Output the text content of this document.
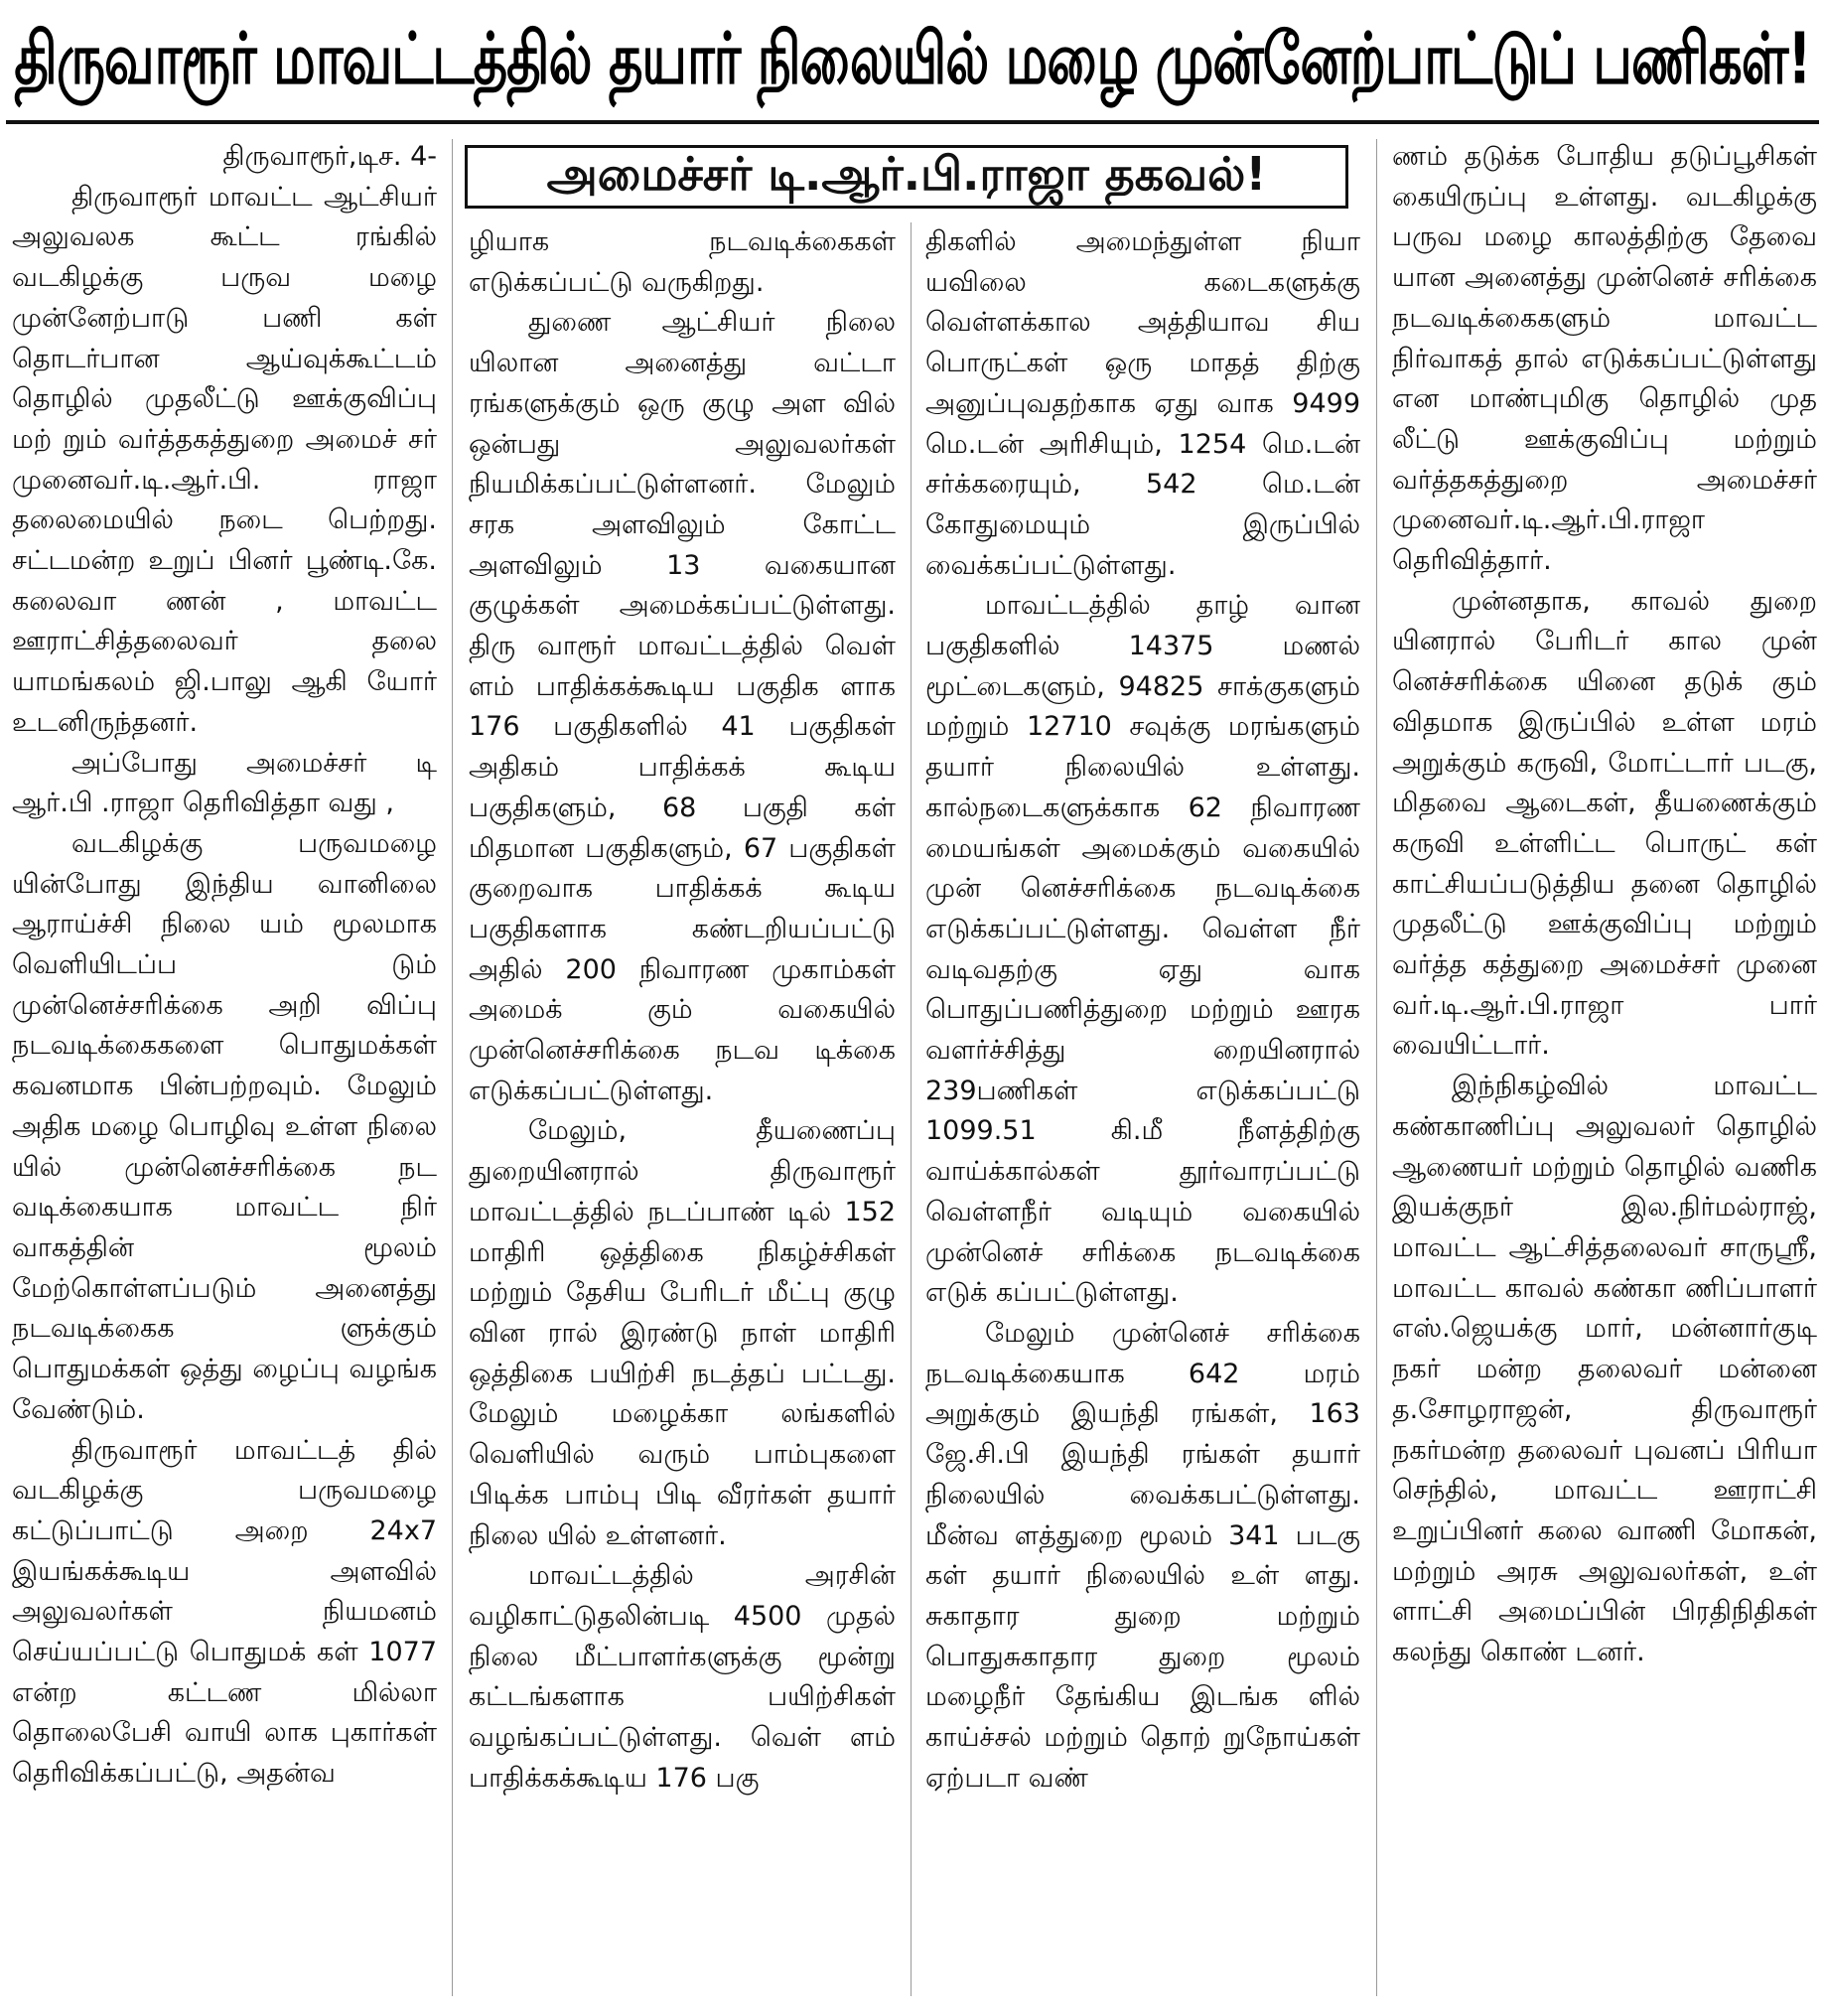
திருவாரூர் மாவட்டத்தில் தயார் நிலையில் மழை முன்னேற்பாட்டுப் பணிகள்!
அமைச்சர் டி.ஆர்.பி.ராஜா தகவல்!

திருவாரூர்,டிச. 4-

திருவாரூர் மாவட்ட ஆட்சியர் அலுவலக கூட்ட ரங்கில் வடகிழக்கு பருவ மழை முன்னேற்பாடு பணி கள் தொடர்பான ஆய்வுக்கூட்டம் தொழில் முதலீட்டு ஊக்குவிப்பு மற் றும் வர்த்தகத்துறை அமைச் சர் முனைவர்.டி.ஆர்.பி. ராஜா தலைமையில் நடை பெற்றது. சட்டமன்ற உறுப் பினர் பூண்டி.கே. கலைவா ணன் , மாவட்ட ஊராட்சித்தலைவர் தலை யாமங்கலம் ஜி.பாலு ஆகி யோர் உடனிருந்தனர்.

அப்போது அமைச்சர் டி ஆர்.பி .ராஜா தெரிவித்தா வது ,

வடகிழக்கு பருவமழை யின்போது இந்திய வானிலை ஆராய்ச்சி நிலை யம் மூலமாக வெளியிடப்ப டும் முன்னெச்சரிக்கை அறி விப்பு நடவடிக்கைகளை பொதுமக்கள் கவனமாக பின்பற்றவும். மேலும் அதிக மழை பொழிவு உள்ள நிலை யில் முன்னெச்சரிக்கை நட வடிக்கையாக மாவட்ட நிர் வாகத்தின் மூலம் மேற்கொள்ளப்படும் அனைத்து நடவடிக்கைக ளுக்கும் பொதுமக்கள் ஒத்து ழைப்பு வழங்க வேண்டும்.

திருவாரூர் மாவட்டத் தில் வடகிழக்கு பருவமழை கட்டுப்பாட்டு அறை 24x7 இயங்கக்கூடிய அளவில் அலுவலர்கள் நியமனம் செய்யப்பட்டு பொதுமக் கள் 1077 என்ற கட்டண மில்லா தொலைபேசி வாயி லாக புகார்கள் தெரிவிக்கப்பட்டு, அதன்வ

ழியாக நடவடிக்கைகள் எடுக்கப்பட்டு வருகிறது.

துணை ஆட்சியர் நிலை யிலான அனைத்து வட்டா ரங்களுக்கும் ஒரு குழு அள வில் ஒன்பது அலுவலர்கள் நியமிக்கப்பட்டுள்ளனர். மேலும் சரக அளவிலும் கோட்ட அளவிலும் 13 வகையான குழுக்கள் அமைக்கப்பட்டுள்ளது. திரு வாரூர் மாவட்டத்தில் வெள் ளம் பாதிக்கக்கூடிய பகுதிக ளாக 176 பகுதிகளில் 41 பகுதிகள் அதிகம் பாதிக்கக் கூடிய பகுதிகளும், 68 பகுதி கள் மிதமான பகுதிகளும், 67 பகுதிகள் குறைவாக பாதிக்கக் கூடிய பகுதிகளாக கண்டறியப்பட்டு அதில் 200 நிவாரண முகாம்கள் அமைக் கும் வகையில் முன்னெச்சரிக்கை நடவ டிக்கை எடுக்கப்பட்டுள்ளது.

மேலும், தீயணைப்பு துறையினரால் திருவாரூர் மாவட்டத்தில் நடப்பாண் டில் 152 மாதிரி ஒத்திகை நிகழ்ச்சிகள் மற்றும் தேசிய பேரிடர் மீட்பு குழு வின ரால் இரண்டு நாள் மாதிரி ஒத்திகை பயிற்சி நடத்தப் பட்டது. மேலும் மழைக்கா லங்களில் வெளியில் வரும் பாம்புகளை பிடிக்க பாம்பு பிடி வீரர்கள் தயார் நிலை யில் உள்ளனர்.

மாவட்டத்தில் அரசின் வழிகாட்டுதலின்படி 4500 முதல் நிலை மீட்பாளர்களுக்கு மூன்று கட்டங்களாக பயிற்சிகள் வழங்கப்பட்டுள்ளது. வெள் ளம் பாதிக்கக்கூடிய 176 பகு

திகளில் அமைந்துள்ள நியா யவிலை கடைகளுக்கு வெள்ளக்கால அத்தியாவ சிய பொருட்கள் ஒரு மாதத் திற்கு அனுப்புவதற்காக ஏது வாக 9499 மெ.டன் அரிசியும், 1254 மெ.டன் சர்க்கரையும், 542 மெ.டன் கோதுமையும் இருப்பில் வைக்கப்பட்டுள்ளது.

மாவட்டத்தில் தாழ் வான பகுதிகளில் 14375 மணல் மூட்டைகளும், 94825 சாக்குகளும் மற்றும் 12710 சவுக்கு மரங்களும் தயார் நிலையில் உள்ளது. கால்நடைகளுக்காக 62 நிவாரண மையங்கள் அமைக்கும் வகையில் முன் னெச்சரிக்கை நடவடிக்கை எடுக்கப்பட்டுள்ளது. வெள்ள நீர் வடிவதற்கு ஏது வாக பொதுப்பணித்துறை மற்றும் ஊரக வளர்ச்சித்து றையினரால் 239பணிகள் எடுக்கப்பட்டு 1099.51 கி.மீ நீளத்திற்கு வாய்க்கால்கள் தூர்வாரப்பட்டு வெள்ளநீர் வடியும் வகையில் முன்னெச் சரிக்கை நடவடிக்கை எடுக் கப்பட்டுள்ளது.

மேலும் முன்னெச் சரிக்கை நடவடிக்கையாக 642 மரம் அறுக்கும் இயந்தி ரங்கள், 163 ஜே.சி.பி இயந்தி ரங்கள் தயார் நிலையில் வைக்கபட்டுள்ளது. மீன்வ ளத்துறை மூலம் 341 படகு கள் தயார் நிலையில் உள் ளது. சுகாதார துறை மற்றும் பொதுசுகாதார துறை மூலம் மழைநீர் தேங்கிய இடங்க ளில் காய்ச்சல் மற்றும் தொற் றுநோய்கள் ஏற்படா வண்

ணம் தடுக்க போதிய தடுப்பூசிகள் கையிருப்பு உள்ளது. வடகிழக்கு பருவ மழை காலத்திற்கு தேவை யான அனைத்து முன்னெச் சரிக்கை நடவடிக்கைகளும் மாவட்ட நிர்வாகத் தால் எடுக்கப்பட்டுள்ளது என மாண்புமிகு தொழில் முத லீட்டு ஊக்குவிப்பு மற்றும் வர்த்தகத்துறை அமைச்சர் முனைவர்.டி.ஆர்.பி.ராஜா தெரிவித்தார்.

முன்னதாக, காவல் துறை யினரால் பேரிடர் கால முன் னெச்சரிக்கை யினை தடுக் கும் விதமாக இருப்பில் உள்ள மரம் அறுக்கும் கருவி, மோட்டார் படகு, மிதவை ஆடைகள், தீயணைக்கும் கருவி உள்ளிட்ட பொருட் கள் காட்சியப்படுத்திய தனை தொழில் முதலீட்டு ஊக்குவிப்பு மற்றும் வர்த்த கத்துறை அமைச்சர் முனை வர்.டி.ஆர்.பி.ராஜா பார் வையிட்டார்.

இந்நிகழ்வில் மாவட்ட கண்காணிப்பு அலுவலர் தொழில் ஆணையர் மற்றும் தொழில் வணிக இயக்குநர் இல.நிர்மல்ராஜ், மாவட்ட ஆட்சித்தலைவர் சாருஸ்ரீ, மாவட்ட காவல் கண்கா ணிப்பாளர் எஸ்.ஜெயக்கு மார், மன்னார்குடி நகர் மன்ற தலைவர் மன்னை த.சோழராஜன், திருவாரூர் நகர்மன்ற தலைவர் புவனப் பிரியா செந்தில், மாவட்ட ஊராட்சி உறுப்பினர் கலை வாணி மோகன், மற்றும் அரசு அலுவலர்கள், உள் ளாட்சி அமைப்பின் பிரதிநிதிகள் கலந்து கொண் டனர்.
